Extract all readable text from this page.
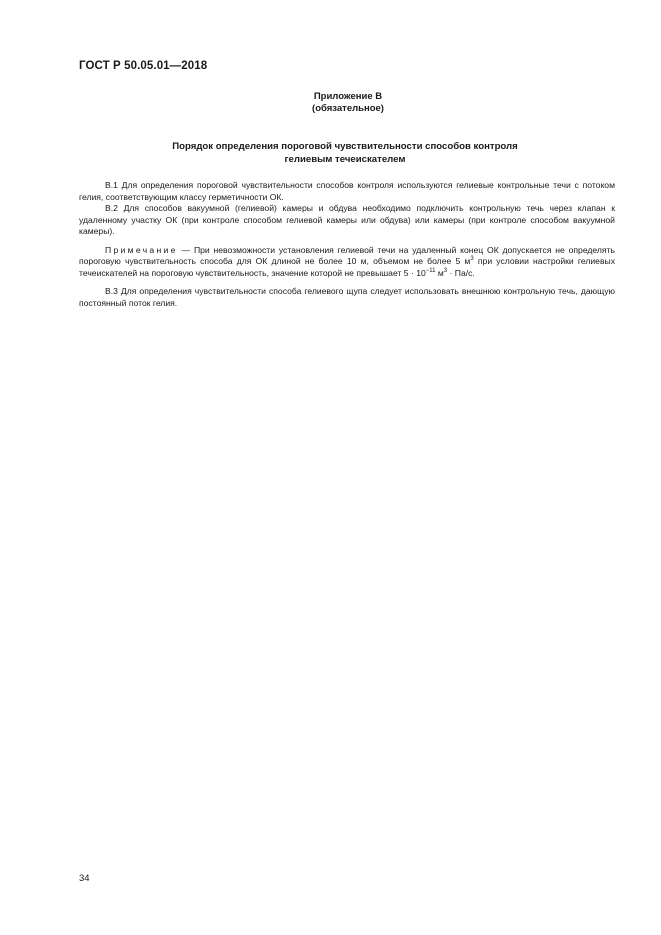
ГОСТ Р 50.05.01—2018
Приложение В
(обязательное)
Порядок определения пороговой чувствительности способов контроля
гелиевым течеискателем

В.1 Для определения пороговой чувствительности способов контроля используются гелиевые контрольные течи с потоком гелия, соответствующим классу герметичности ОК.

В.2 Для способов вакуумной (гелиевой) камеры и обдува необходимо подключить контрольную течь через клапан к удаленному участку ОК (при контроле способом гелиевой камеры или обдува) или камеры (при контроле способом вакуумной камеры).

Примечание — При невозможности установления гелиевой течи на удаленный конец ОК допускается не определять пороговую чувствительность способа для ОК длиной не более 10 м, объемом не более 5 $м^3$ при условии настройки гелиевых течеискателей на пороговую чувствительность, значение которой не превышает $5 \cdot 10^{-11}$ $м^3 \cdot Па/с$.

В.3 Для определения чувствительности способа гелиевого щупа следует использовать внешнюю контрольную течь, дающую постоянный поток гелия.

34
